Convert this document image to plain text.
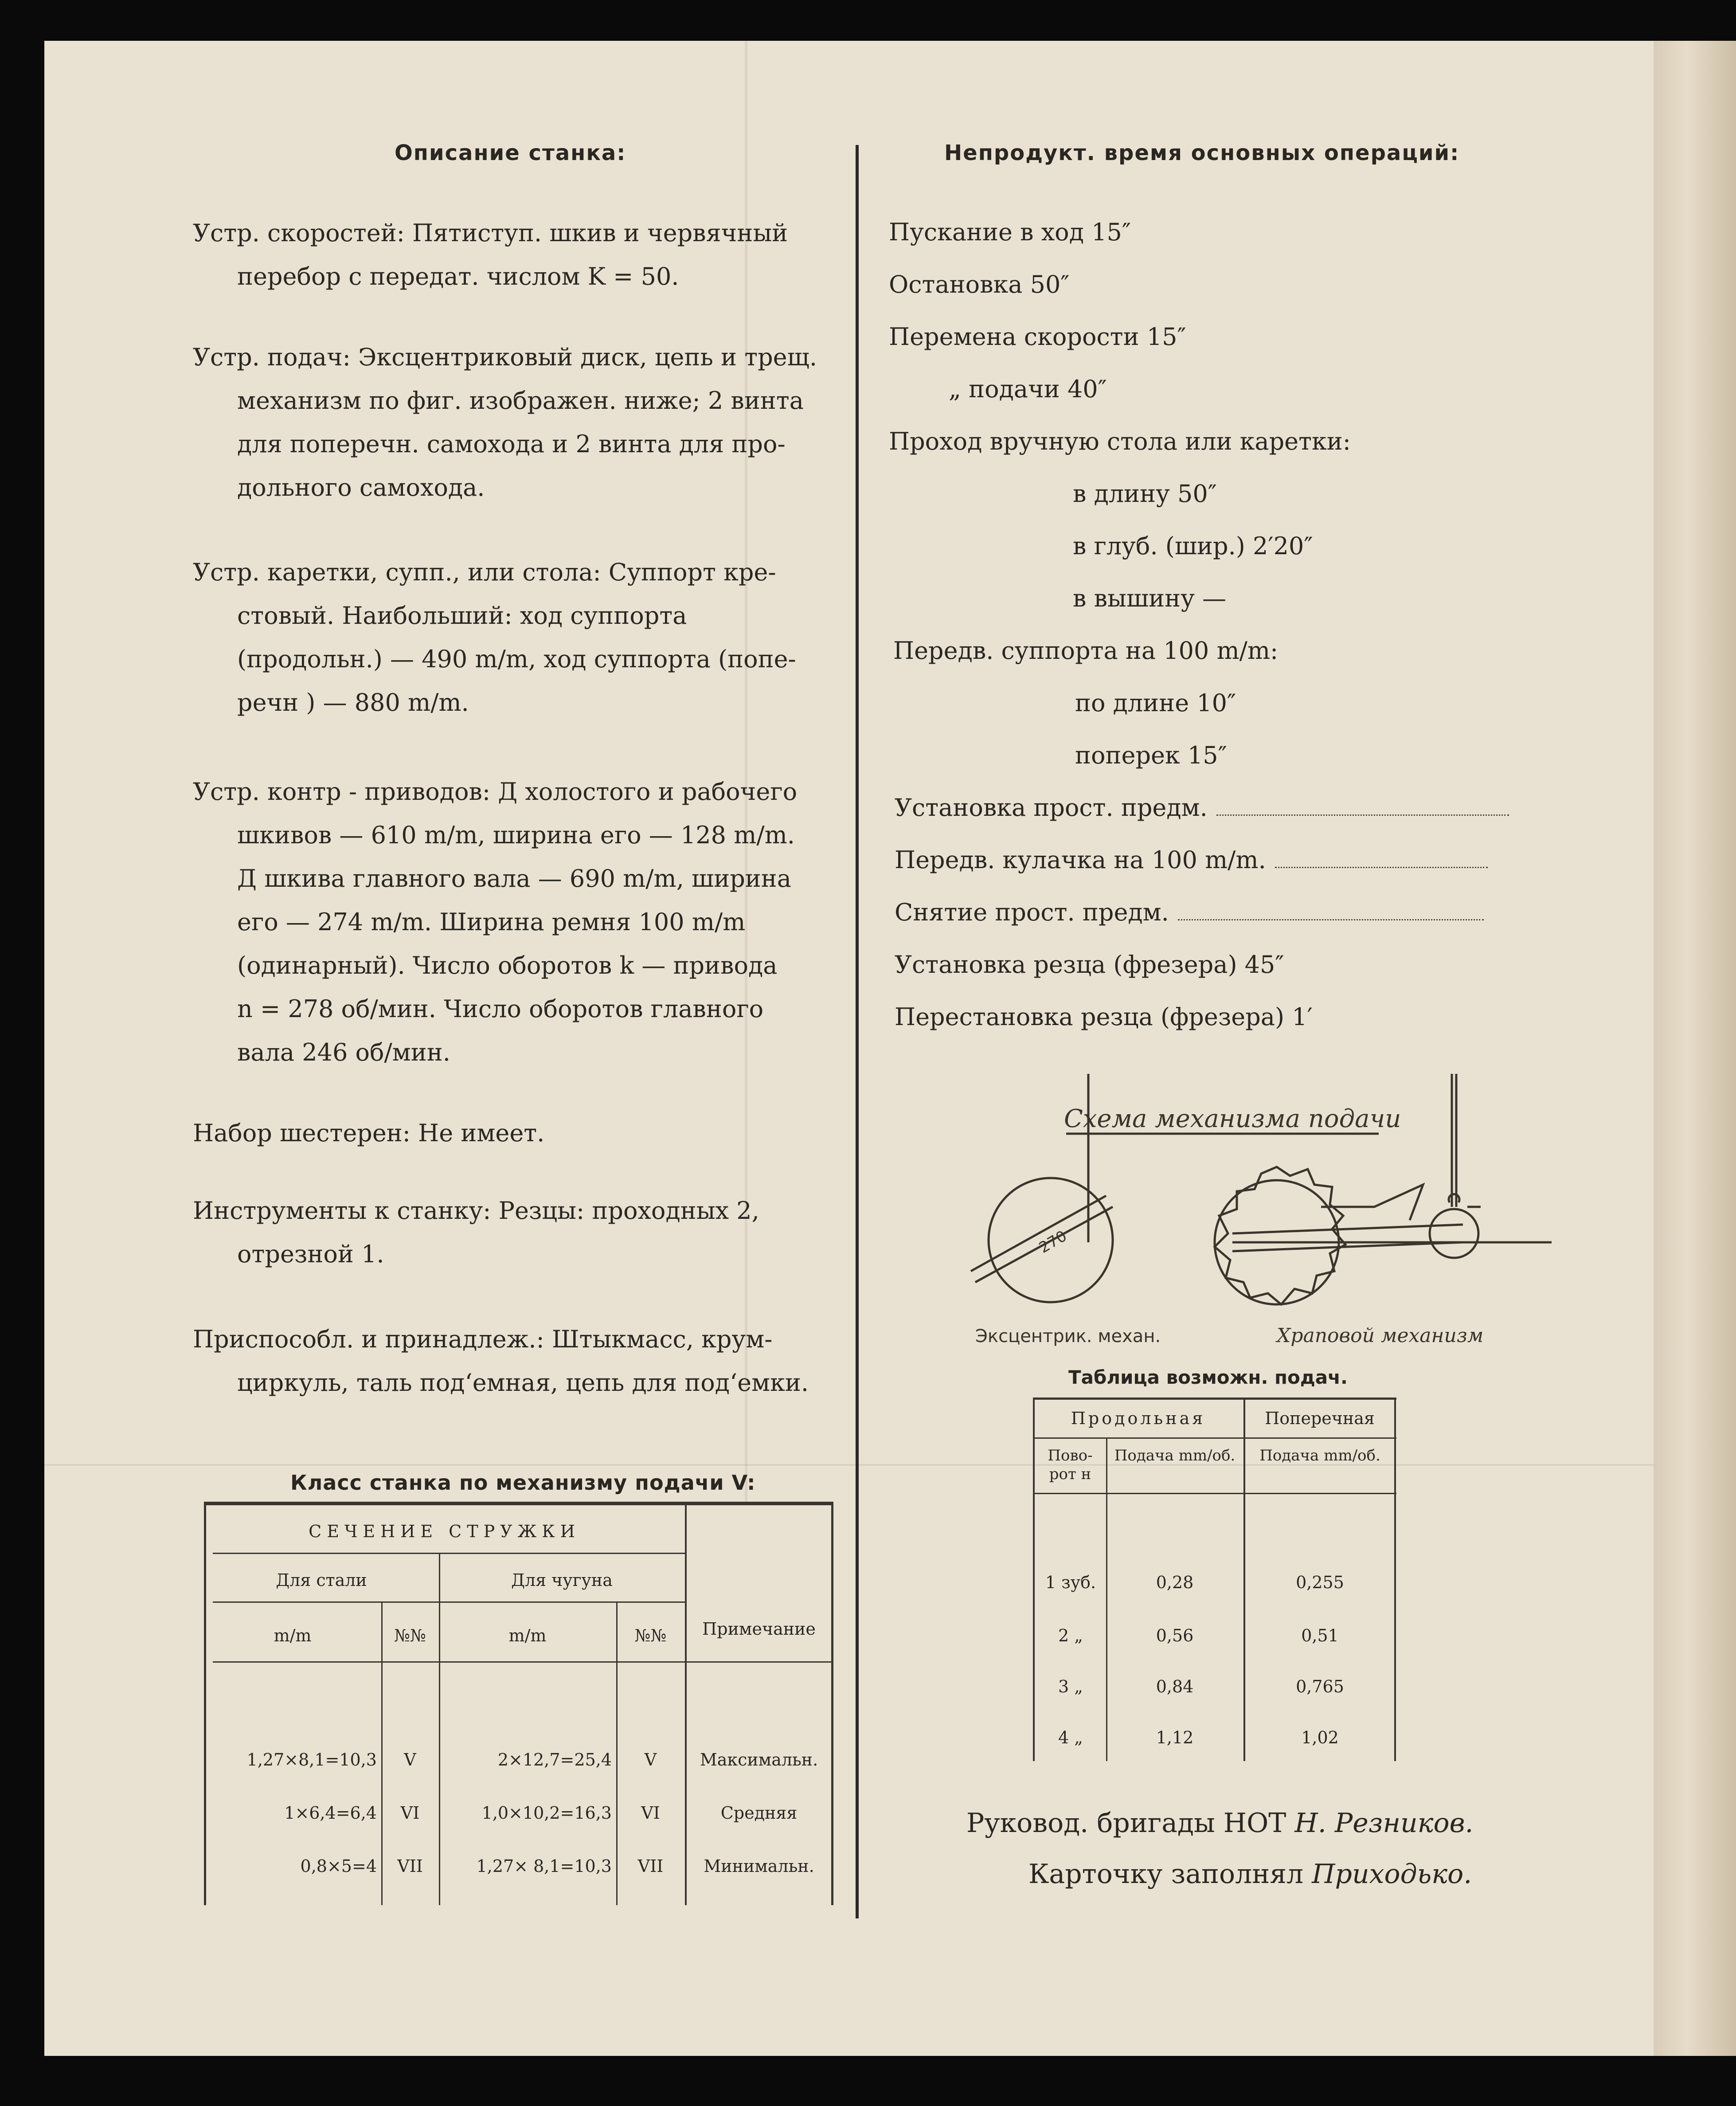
Описание станка:	Непродукт. время основных операций:
Устр. скоростей: Пятиступ. шкив и червячный
перебор с передат. числом K = 50.
Устр. подач: Эксцентриковый диск, цепь и трещ.
механизм по фиг. изображен. ниже; 2 винта
для поперечн. самохода и 2 винта для про-
дольного самохода.
Устр. каретки, супп., или стола: Суппорт кре-
стовый. Наибольший: ход суппорта
(продольн.) — 490 m/m, ход суппорта (попе-
речн ) — 880 m/m.
Устр. контр - приводов: Д холостого и рабочего
шкивов — 610 m/m, ширина его — 128 m/m.
Д шкива главного вала — 690 m/m, ширина
его — 274 m/m. Ширина ремня 100 m/m
(одинарный). Число оборотов k — привода
n = 278 об/мин. Число оборотов главного
вала 246 об/мин.
Набор шестерен: Не имеет.
Инструменты к станку: Резцы: проходных 2,
отрезной 1.
Приспособл. и принадлеж.: Штыкмасс, крум-
циркуль, таль под‘емная, цепь для под‘емки.
Пускание в ход 15″
Остановка 50″
Перемена скорости 15″
„ подачи 40″
Проход вручную стола или каретки:
в длину 50″
в глуб. (шир.) 2′20″
в вышину —
Передв. суппорта на 100 m/m:
по длине 10″
поперек 15″
Установка прост. предм.
Передв. кулачка на 100 m/m.
Снятие прост. предм.
Установка резца (фрезера) 45″
Перестановка резца (фрезера) 1′
Схема механизма подачи
270
Эксцентрик. механ.	Храповой механизм
Класс станка по механизму подачи V:
СЕЧЕНИЕ СТРУЖКИ
Для стали	Для чугуна
Примечание
m/m	№№	m/m	№№
1,27×8,1=10,3	V	2×12,7=25,4	V	Максимальн.
1×6,4=6,4	VI	1,0×10,2=16,3	VI	Средняя
0,8×5=4	VII	1,27× 8,1=10,3	VII	Минимальн.
Таблица возможн. подач.
Продольная	Поперечная
Пово-рот н
Подача mm/об.	Подача mm/об.
1 зуб.	0,28	0,255
2 „	0,56	0,51
3 „	0,84	0,765
4 „	1,12	1,02
Руковод. бригады НОТ Н. Резников.
Карточку заполнял Приходько.
